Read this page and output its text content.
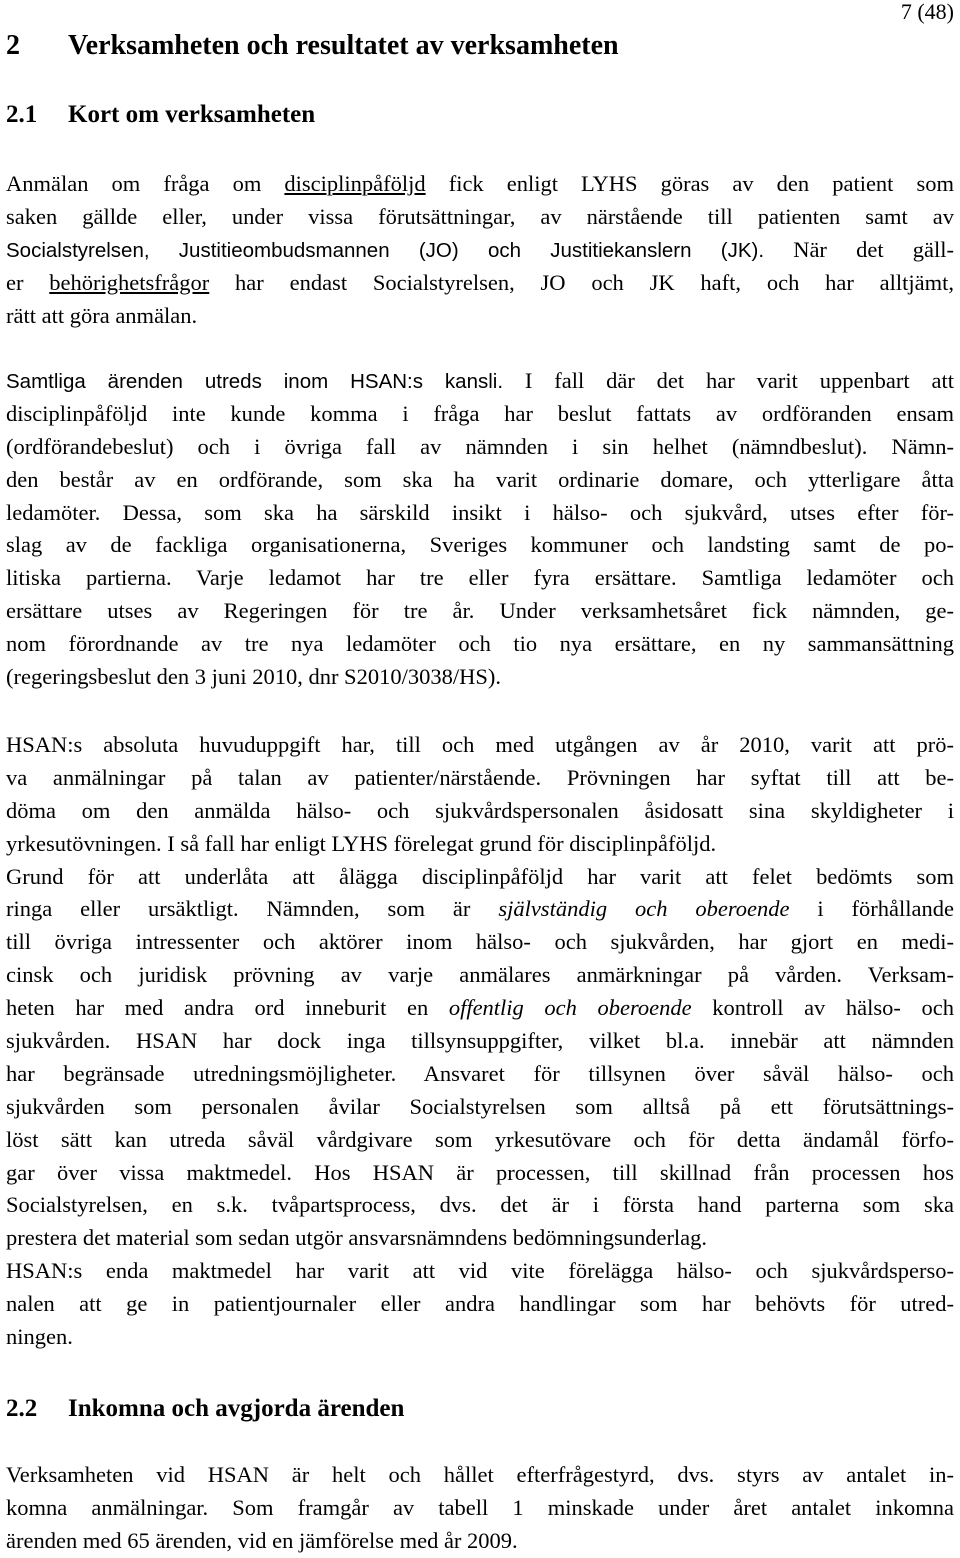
7 (48)
2 Verksamheten och resultatet av verksamheten
2.1 Kort om verksamheten
Anmälan om fråga om disciplinpåföljd fick enligt LYHS göras av den patient som
saken gällde eller, under vissa förutsättningar, av närstående till patienten samt av
Socialstyrelsen, Justitieombudsmannen (JO) och Justitiekanslern (JK). När det gäll-
er behörighetsfrågor har endast Socialstyrelsen, JO och JK haft, och har alltjämt,
rätt att göra anmälan.
Samtliga ärenden utreds inom HSAN:s kansli. I fall där det har varit uppenbart att
disciplinpåföljd inte kunde komma i fråga har beslut fattats av ordföranden ensam
(ordförandebeslut) och i övriga fall av nämnden i sin helhet (nämndbeslut). Nämn-
den består av en ordförande, som ska ha varit ordinarie domare, och ytterligare åtta
ledamöter. Dessa, som ska ha särskild insikt i hälso- och sjukvård, utses efter för-
slag av de fackliga organisationerna, Sveriges kommuner och landsting samt de po-
litiska partierna. Varje ledamot har tre eller fyra ersättare. Samtliga ledamöter och
ersättare utses av Regeringen för tre år. Under verksamhetsåret fick nämnden, ge-
nom förordnande av tre nya ledamöter och tio nya ersättare, en ny sammansättning
(regeringsbeslut den 3 juni 2010, dnr S2010/3038/HS).
HSAN:s absoluta huvuduppgift har, till och med utgången av år 2010, varit att prö-
va anmälningar på talan av patienter/närstående. Prövningen har syftat till att be-
döma om den anmälda hälso- och sjukvårdspersonalen åsidosatt sina skyldigheter i
yrkesutövningen. I så fall har enligt LYHS förelegat grund för disciplinpåföljd.
Grund för att underlåta att ålägga disciplinpåföljd har varit att felet bedömts som
ringa eller ursäktligt. Nämnden, som är självständig och oberoende i förhållande
till övriga intressenter och aktörer inom hälso- och sjukvården, har gjort en medi-
cinsk och juridisk prövning av varje anmälares anmärkningar på vården. Verksam-
heten har med andra ord inneburit en offentlig och oberoende kontroll av hälso- och
sjukvården. HSAN har dock inga tillsynsuppgifter, vilket bl.a. innebär att nämnden
har begränsade utredningsmöjligheter. Ansvaret för tillsynen över såväl hälso- och
sjukvården som personalen åvilar Socialstyrelsen som alltså på ett förutsättnings-
löst sätt kan utreda såväl vårdgivare som yrkesutövare och för detta ändamål förfo-
gar över vissa maktmedel. Hos HSAN är processen, till skillnad från processen hos
Socialstyrelsen, en s.k. tvåpartsprocess, dvs. det är i första hand parterna som ska
prestera det material som sedan utgör ansvarsnämndens bedömningsunderlag.
HSAN:s enda maktmedel har varit att vid vite förelägga hälso- och sjukvårdsperso-
nalen att ge in patientjournaler eller andra handlingar som har behövts för utred-
ningen.
2.2 Inkomna och avgjorda ärenden
Verksamheten vid HSAN är helt och hållet efterfrågestyrd, dvs. styrs av antalet in-
komna anmälningar. Som framgår av tabell 1 minskade under året antalet inkomna
ärenden med 65 ärenden, vid en jämförelse med år 2009.
